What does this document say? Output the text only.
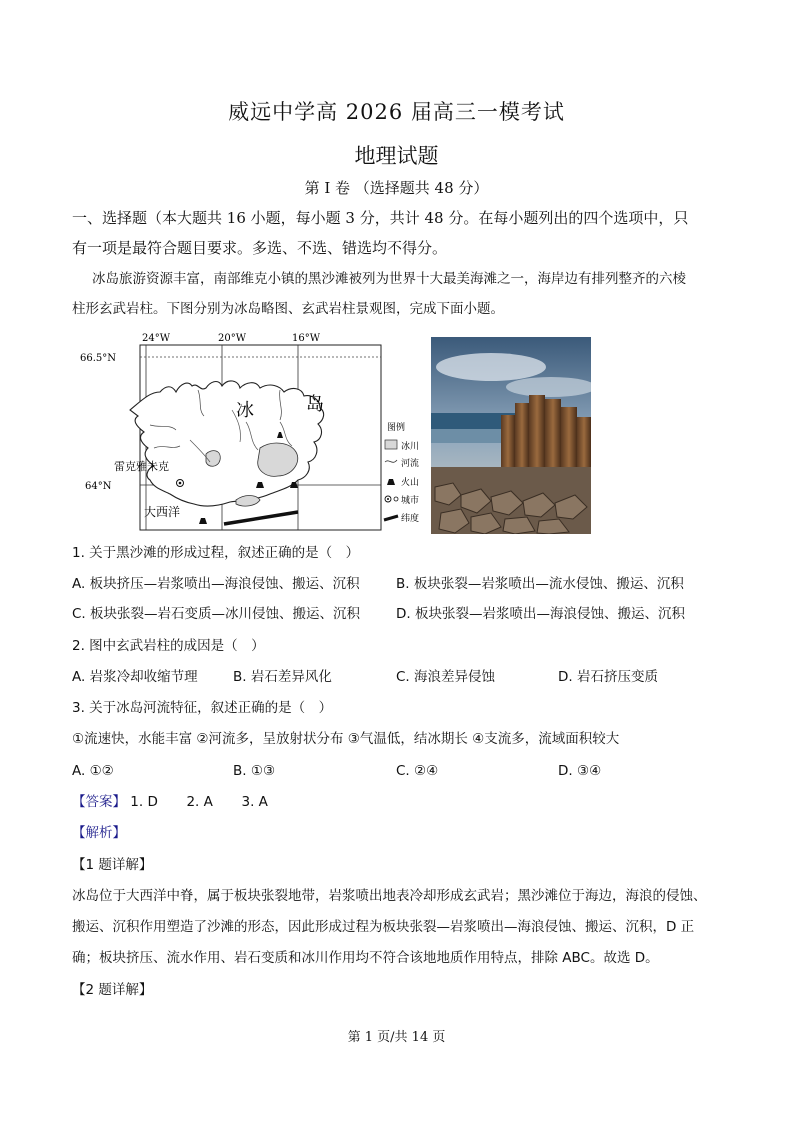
威远中学高 2026 届高三一模考试
地理试题
第 I 卷 （选择题共 48 分）
一、选择题（本大题共 16 小题，每小题 3 分，共计 48 分。在每小题列出的四个选项中，只
有一项是最符合题目要求。多选、不选、错选均不得分。
冰岛旅游资源丰富，南部维克小镇的黑沙滩被列为世界十大最美海滩之一，海岸边有排列整齐的六棱
柱形玄武岩柱。下图分别为冰岛略图、玄武岩柱景观图，完成下面小题。
24°W	20°W	16°W
66.5°N
64°N
冰	岛
雷克雅未克
大西洋
图例
冰川
河流
火山
城市
纬度
1. 关于黑沙滩的形成过程，叙述正确的是（　）
A. 板块挤压—岩浆喷出—海浪侵蚀、搬运、沉积	B. 板块张裂—岩浆喷出—流水侵蚀、搬运、沉积
C. 板块张裂—岩石变质—冰川侵蚀、搬运、沉积	D. 板块张裂—岩浆喷出—海浪侵蚀、搬运、沉积
2. 图中玄武岩柱的成因是（　）
A. 岩浆冷却收缩节理	B. 岩石差异风化	C. 海浪差异侵蚀	D. 岩石挤压变质
3. 关于冰岛河流特征，叙述正确的是（　）
①流速快，水能丰富 ②河流多，呈放射状分布 ③气温低，结冰期长 ④支流多，流域面积较大
A. ①②	B. ①③	C. ②④	D. ③④
【答案】 1. D 2. A 3. A
【解析】
【1 题详解】
冰岛位于大西洋中脊，属于板块张裂地带，岩浆喷出地表冷却形成玄武岩；黑沙滩位于海边，海浪的侵蚀、
搬运、沉积作用塑造了沙滩的形态，因此形成过程为板块张裂—岩浆喷出—海浪侵蚀、搬运、沉积，D 正
确；板块挤压、流水作用、岩石变质和冰川作用均不符合该地地质作用特点，排除 ABC。故选 D。
【2 题详解】
第 1 页/共 14 页
